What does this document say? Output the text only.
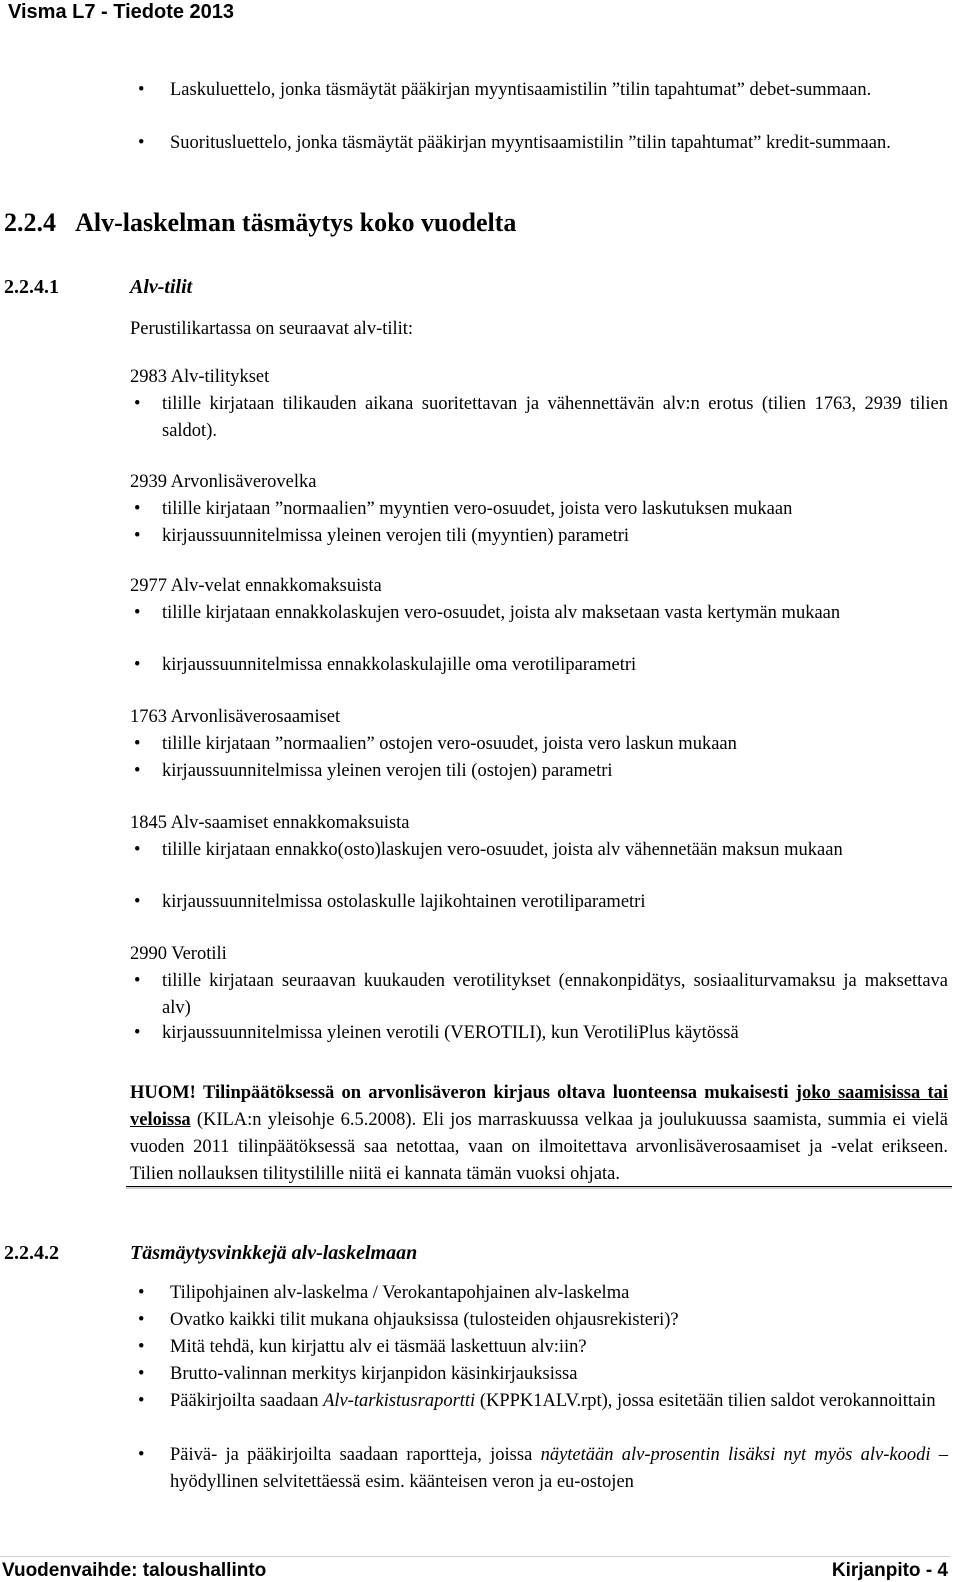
Visma L7 - Tiedote 2013
• Laskuluettelo, jonka täsmäytät pääkirjan myyntisaamistilin ”tilin tapahtumat” debet-summaan.
• Suoritusluettelo, jonka täsmäytät pääkirjan myyntisaamistilin ”tilin tapahtumat” kredit-summaan.
2.2.4 Alv-laskelman täsmäytys koko vuodelta
2.2.4.1	Alv-tilit
Perustilikartassa on seuraavat alv-tilit:
2983 Alv-tilitykset
• tilille kirjataan tilikauden aikana suoritettavan ja vähennettävän alv:n erotus (tilien 1763, 2939 tilien saldot).
2939 Arvonlisäverovelka
• tilille kirjataan ”normaalien” myyntien vero-osuudet, joista vero laskutuksen mukaan
• kirjaussuunnitelmissa yleinen verojen tili (myyntien) parametri
2977 Alv-velat ennakkomaksuista
• tilille kirjataan ennakkolaskujen vero-osuudet, joista alv maksetaan vasta kertymän mukaan
• kirjaussuunnitelmissa ennakkolaskulajille oma verotiliparametri
1763 Arvonlisäverosaamiset
• tilille kirjataan ”normaalien” ostojen vero-osuudet, joista vero laskun mukaan
• kirjaussuunnitelmissa yleinen verojen tili (ostojen) parametri
1845 Alv-saamiset ennakkomaksuista
• tilille kirjataan ennakko(osto)laskujen vero-osuudet, joista alv vähennetään maksun mukaan
• kirjaussuunnitelmissa ostolaskulle lajikohtainen verotiliparametri
2990 Verotili
• tilille kirjataan seuraavan kuukauden verotilitykset (ennakonpidätys, sosiaaliturvamaksu ja maksettava alv)
• kirjaussuunnitelmissa yleinen verotili (VEROTILI), kun VerotiliPlus käytössä
HUOM! Tilinpäätöksessä on arvonlisäveron kirjaus oltava luonteensa mukaisesti joko saamisissa tai veloissa (KILA:n yleisohje 6.5.2008). Eli jos marraskuussa velkaa ja joulukuussa saamista, summia ei vielä vuoden 2011 tilinpäätöksessä saa netottaa, vaan on ilmoitettava arvonlisäverosaamiset ja -velat erikseen. Tilien nollauksen tilitystilille niitä ei kannata tämän vuoksi ohjata.
2.2.4.2	Täsmäytysvinkkejä alv-laskelmaan
• Tilipohjainen alv-laskelma / Verokantapohjainen alv-laskelma
• Ovatko kaikki tilit mukana ohjauksissa (tulosteiden ohjausrekisteri)?
• Mitä tehdä, kun kirjattu alv ei täsmää laskettuun alv:iin?
• Brutto-valinnan merkitys kirjanpidon käsinkirjauksissa
• Pääkirjoilta saadaan Alv-tarkistusraportti (KPPK1ALV.rpt), jossa esitetään tilien saldot verokannoittain
• Päivä- ja pääkirjoilta saadaan raportteja, joissa näytetään alv-prosentin lisäksi nyt myös alv-koodi – hyödyllinen selvitettäessä esim. käänteisen veron ja eu-ostojen
Vuodenvaihde: taloushallinto	Kirjanpito - 4
